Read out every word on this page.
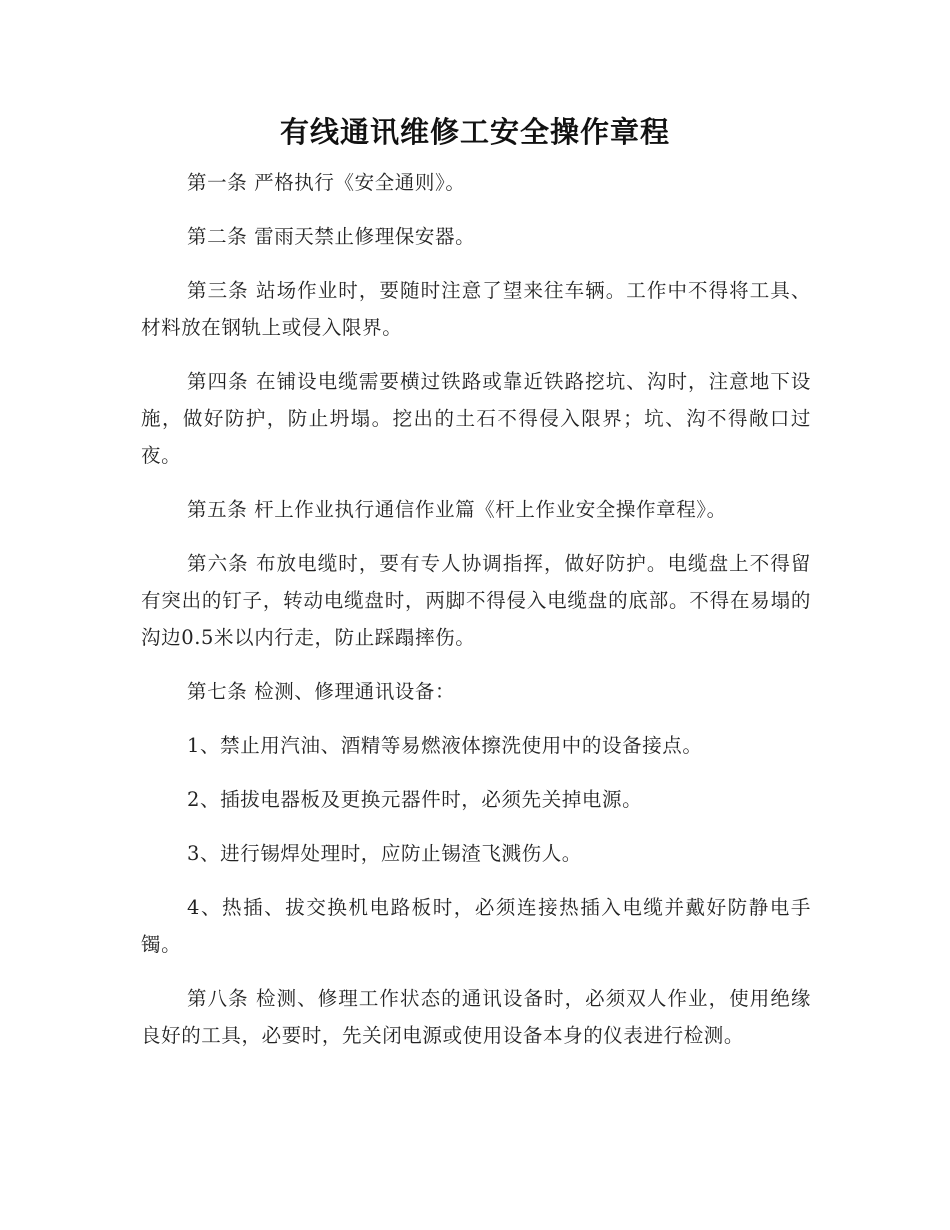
有线通讯维修工安全操作章程

第一条 严格执行《安全通则》。

第二条 雷雨天禁止修理保安器。

第三条 站场作业时，要随时注意了望来往车辆。工作中不得将工具、材料放在钢轨上或侵入限界。

第四条 在铺设电缆需要横过铁路或靠近铁路挖坑、沟时，注意地下设施，做好防护，防止坍塌。挖出的土石不得侵入限界；坑、沟不得敞口过夜。

第五条 杆上作业执行通信作业篇《杆上作业安全操作章程》。

第六条 布放电缆时，要有专人协调指挥，做好防护。电缆盘上不得留有突出的钉子，转动电缆盘时，两脚不得侵入电缆盘的底部。不得在易塌的沟边0.5米以内行走，防止踩蹋摔伤。

第七条 检测、修理通讯设备：

1、禁止用汽油、酒精等易燃液体擦洗使用中的设备接点。

2、插拔电器板及更换元器件时，必须先关掉电源。

3、进行锡焊处理时，应防止锡渣飞溅伤人。

4、热插、拔交换机电路板时，必须连接热插入电缆并戴好防静电手镯。

第八条 检测、修理工作状态的通讯设备时，必须双人作业，使用绝缘良好的工具，必要时，先关闭电源或使用设备本身的仪表进行检测。
